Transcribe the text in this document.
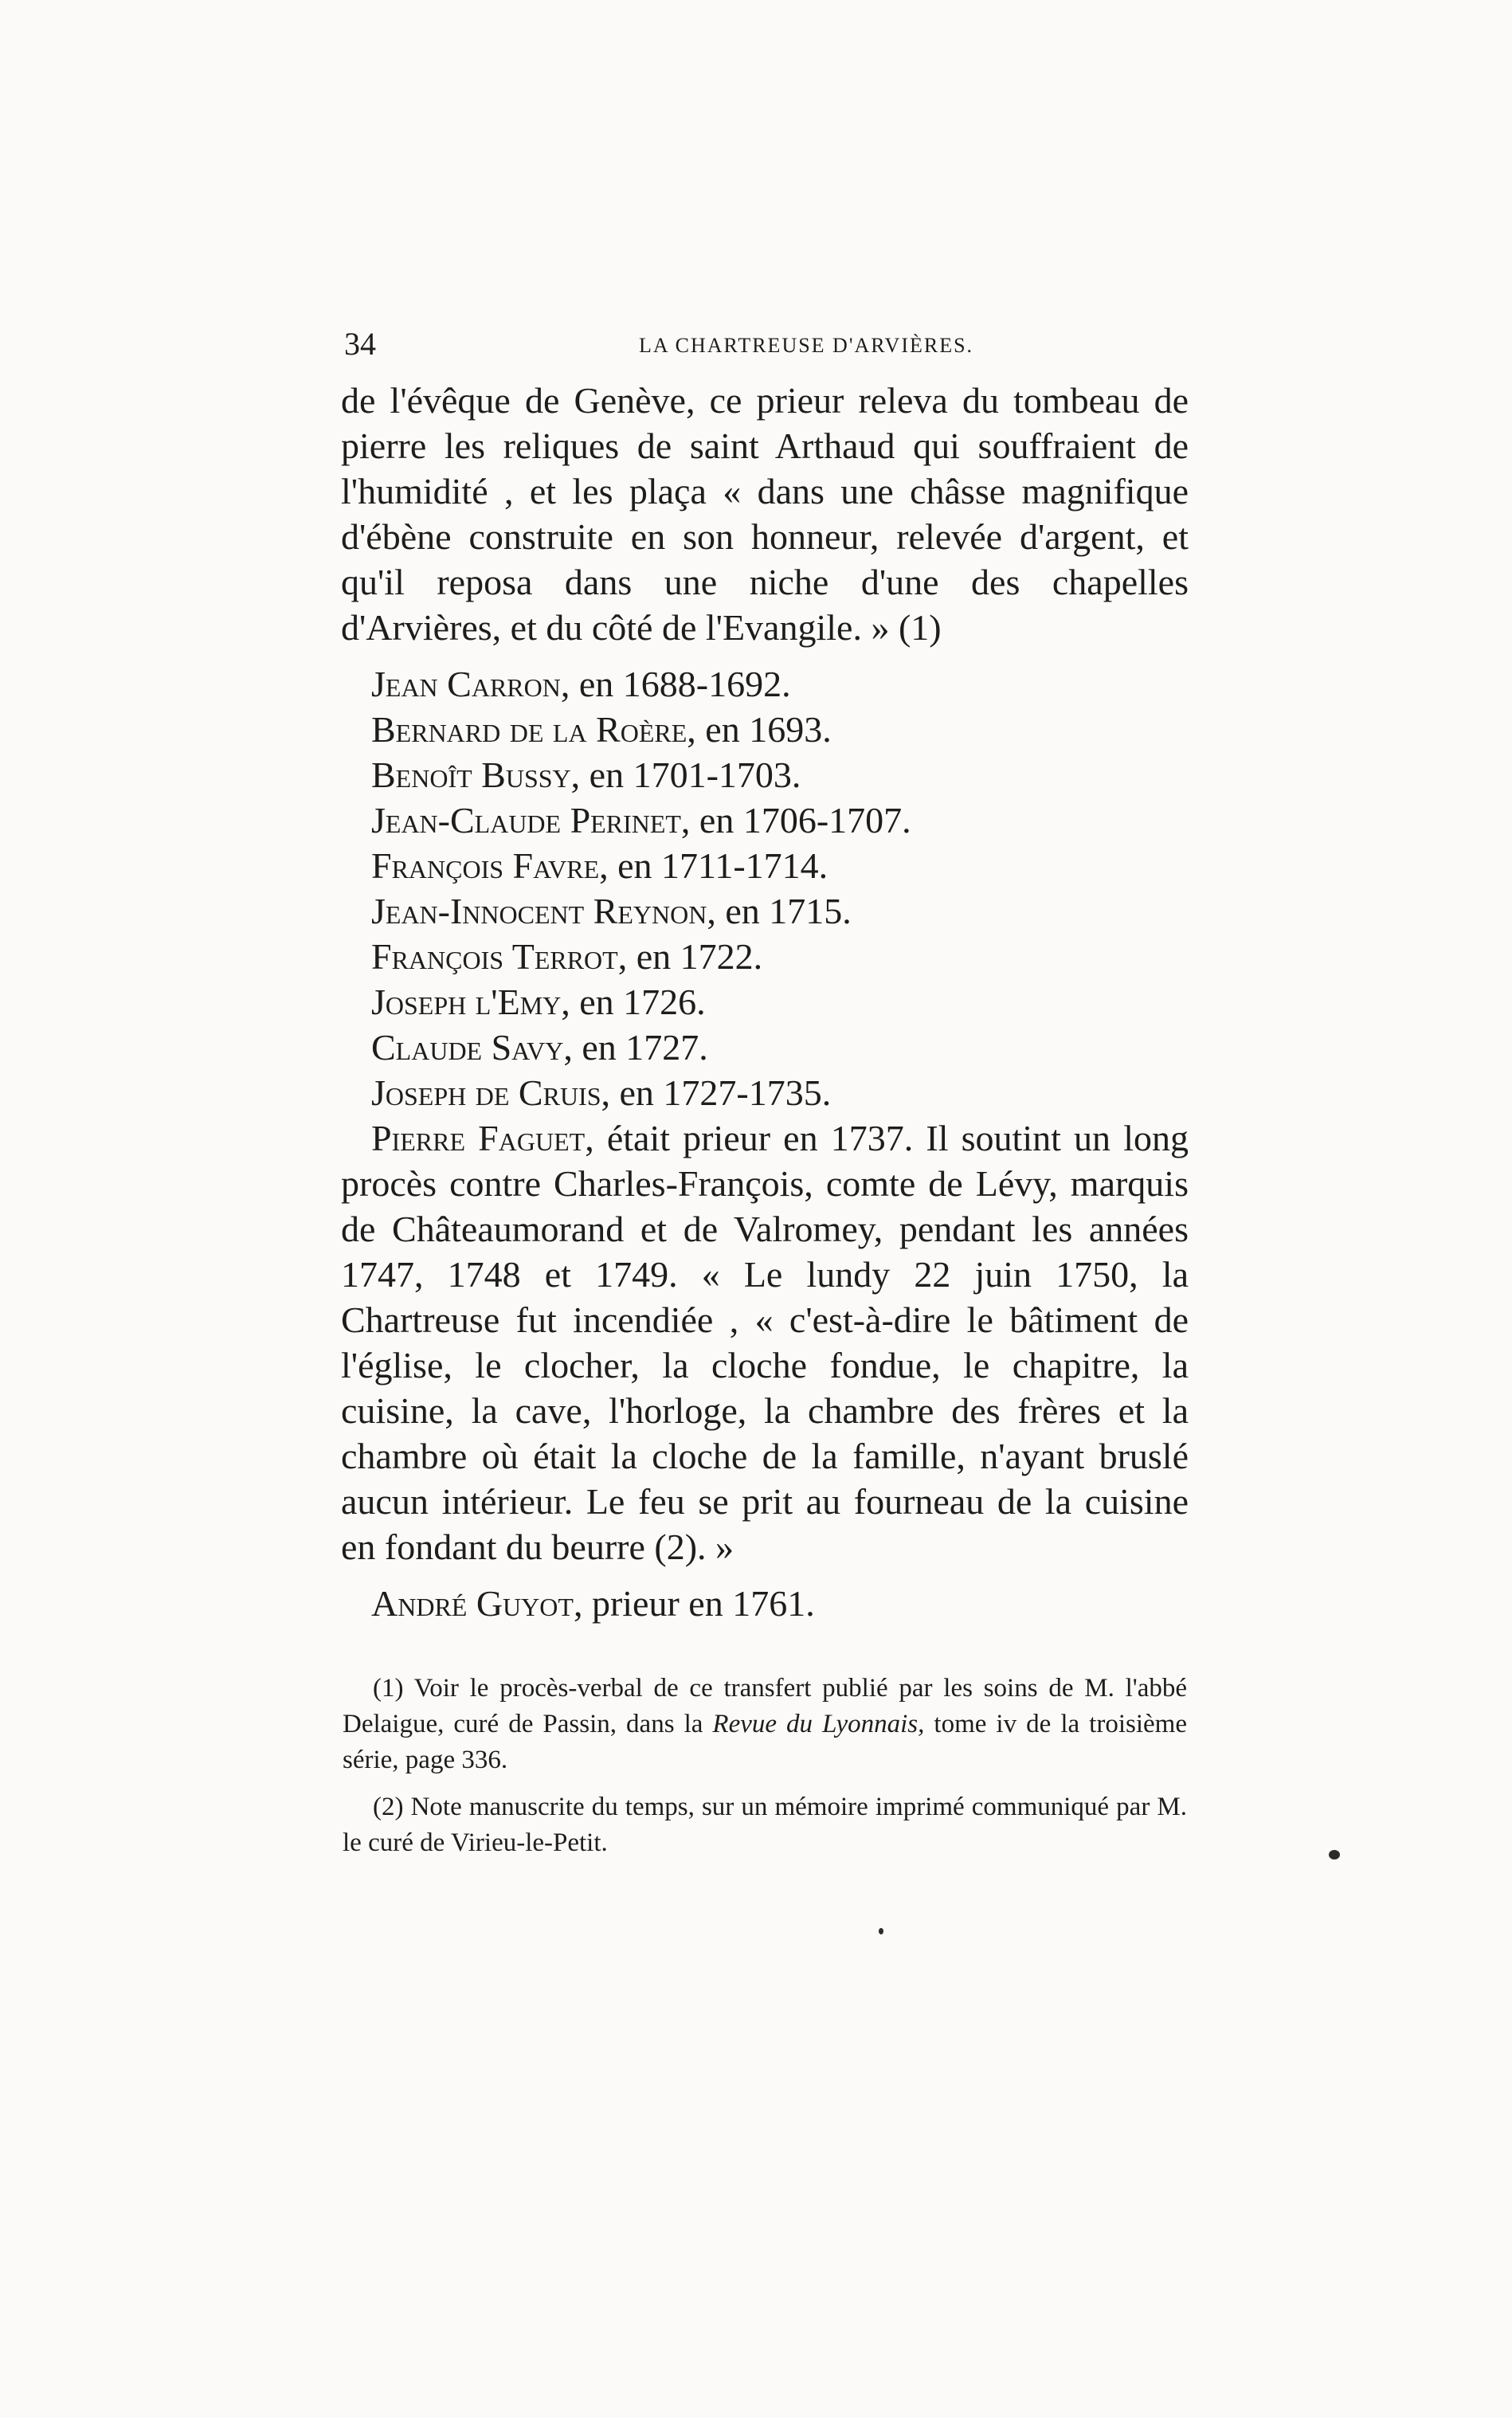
34	LA CHARTREUSE D'ARVIÈRES.

de l'évêque de Genève, ce prieur releva du tombeau de pierre les reliques de saint Arthaud qui souffraient de l'humidité , et les plaça « dans une châsse magnifique d'ébène construite en son honneur, relevée d'argent, et qu'il reposa dans une niche d'une des chapelles d'Arvières, et du côté de l'Evangile. » (1)

Jean Carron, en 1688-1692.
Bernard de la Roère, en 1693.
Benoît Bussy, en 1701-1703.
Jean-Claude Perinet, en 1706-1707.
François Favre, en 1711-1714.
Jean-Innocent Reynon, en 1715.
François Terrot, en 1722.
Joseph l'Emy, en 1726.
Claude Savy, en 1727.
Joseph de Cruis, en 1727-1735.

Pierre Faguet, était prieur en 1737. Il soutint un long procès contre Charles-François, comte de Lévy, marquis de Châteaumorand et de Valromey, pendant les années 1747, 1748 et 1749. « Le lundy 22 juin 1750, la Chartreuse fut incendiée , « c'est-à-dire le bâtiment de l'église, le clocher, la cloche fondue, le chapitre, la cuisine, la cave, l'horloge, la chambre des frères et la chambre où était la cloche de la famille, n'ayant bruslé aucun intérieur. Le feu se prit au fourneau de la cuisine en fondant du beurre (2). »

André Guyot, prieur en 1761.

(1) Voir le procès-verbal de ce transfert publié par les soins de M. l'abbé Delaigue, curé de Passin, dans la Revue du Lyonnais, tome iv de la troisième série, page 336.

(2) Note manuscrite du temps, sur un mémoire imprimé communiqué par M. le curé de Virieu-le-Petit.
